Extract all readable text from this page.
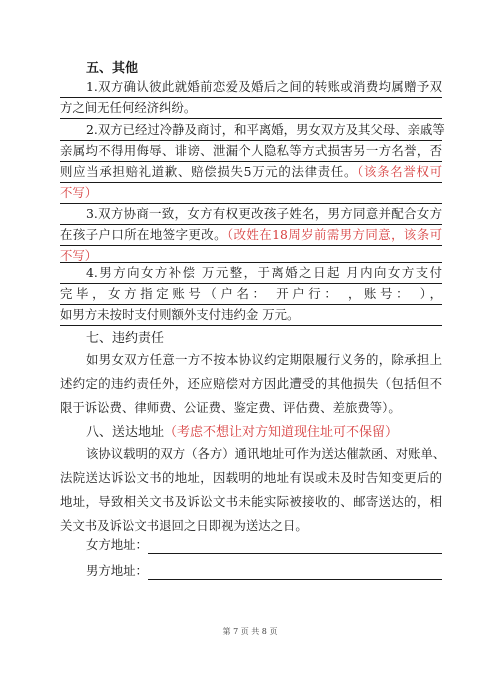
五、其他
1.双方确认彼此就婚前恋爱及婚后之间的转账或消费均属赠予双
方之间无任何经济纠纷。
2.双方已经过冷静及商讨，和平离婚，男女双方及其父母、亲戚等
亲属均不得用侮辱、诽谤、泄漏个人隐私等方式损害另一方名誉，否
则应当承担赔礼道歉、赔偿损失5万元的法律责任。（该条名誉权可
不写）
3.双方协商一致，女方有权更改孩子姓名，男方同意并配合女方
在孩子户口所在地签字更改。（改姓在18周岁前需男方同意，该条可
不写）
4.男方向女方补偿 万元整，于离婚之日起 月内向女方支付
完毕，女方指定账号（户名： 开户行： ，账号： ），
如男方未按时支付则额外支付违约金 万元。
七、违约责任
如男女双方任意一方不按本协议约定期限履行义务的，除承担上
述约定的违约责任外，还应赔偿对方因此遭受的其他损失（包括但不
限于诉讼费、律师费、公证费、鉴定费、评估费、差旅费等）。
八、送达地址（考虑不想让对方知道现住址可不保留）
该协议载明的双方（各方）通讯地址可作为送达催款函、对账单、
法院送达诉讼文书的地址，因载明的地址有误或未及时告知变更后的
地址，导致相关文书及诉讼文书未能实际被接收的、邮寄送达的，相
关文书及诉讼文书退回之日即视为送达之日。
女方地址：
男方地址：
第 7 页 共 8 页
